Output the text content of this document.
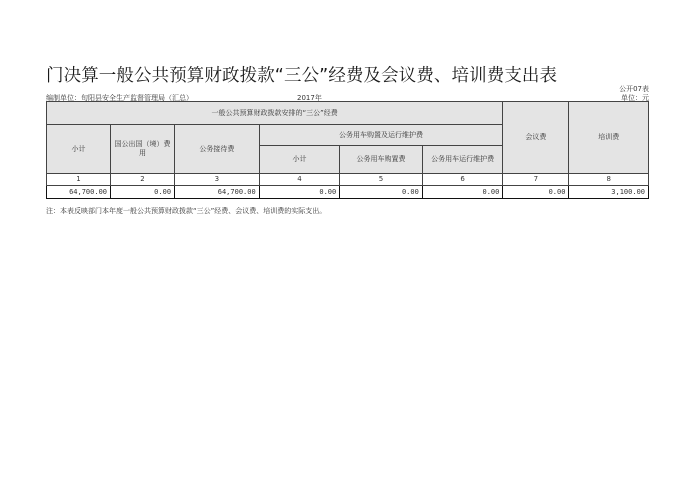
门决算一般公共预算财政拨款“三公”经费及会议费、培训费支出表
公开07表
编制单位：旬阳县安全生产监督管理局（汇总）	2017年	单位：元
一般公共预算财政拨款安排的“三公”经费						会议费	培训费
小计	国公出国（境）费用	公务接待费	公务用车购置及运行维护费				
			小计	公务用车购置费	公务用车运行维护费		
1	2	3	4	5	6	7	8
64,700.00	0.00	64,700.00	0.00	0.00	0.00	0.00	3,100.00
注：本表反映部门本年度一般公共预算财政拨款“三公”经费、会议费、培训费的实际支出。
